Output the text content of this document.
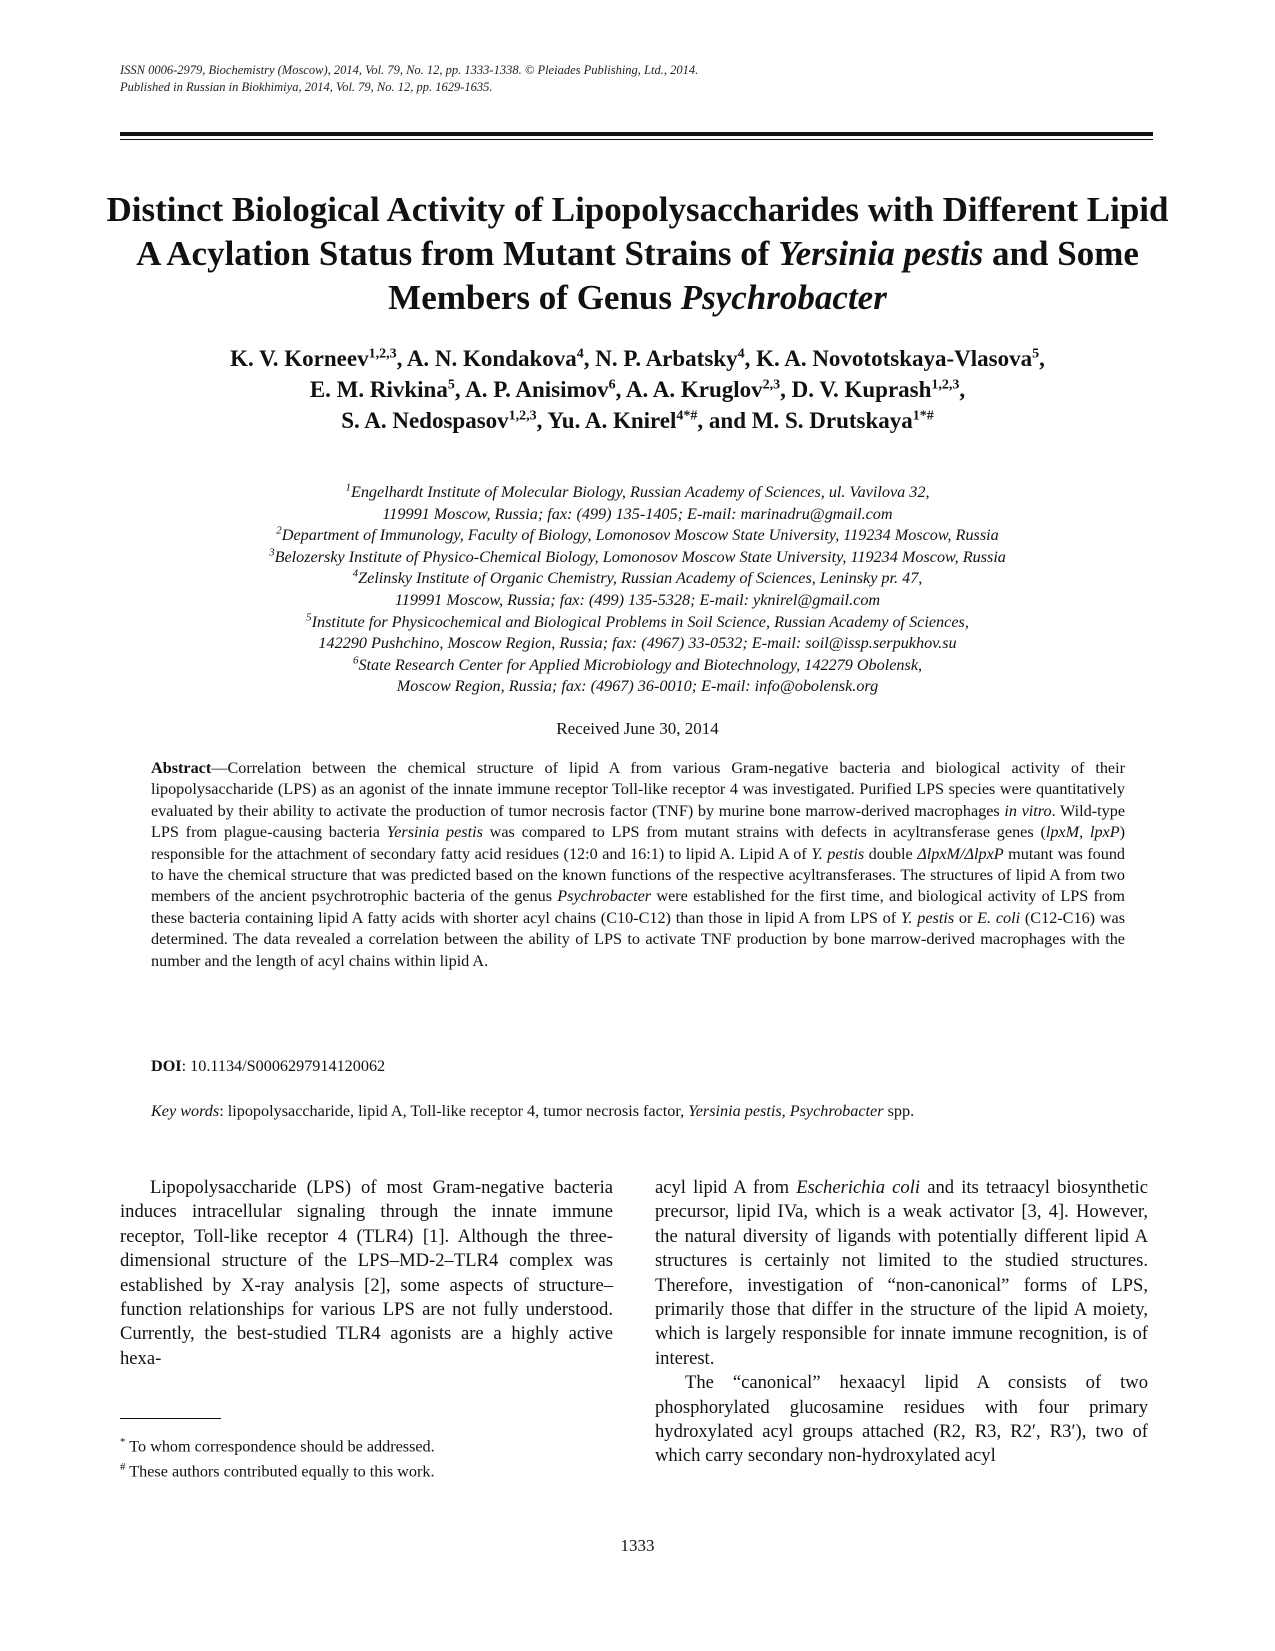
ISSN 0006-2979, Biochemistry (Moscow), 2014, Vol. 79, No. 12, pp. 1333-1338. © Pleiades Publishing, Ltd., 2014.
Published in Russian in Biokhimiya, 2014, Vol. 79, No. 12, pp. 1629-1635.
Distinct Biological Activity of Lipopolysaccharides with Different Lipid A Acylation Status from Mutant Strains of Yersinia pestis and Some Members of Genus Psychrobacter
K. V. Korneev$^{1,2,3}$, A. N. Kondakova$^4$, N. P. Arbatsky$^4$, K. A. Novototskaya-Vlasova$^5$,
E. M. Rivkina$^5$, A. P. Anisimov$^6$, A. A. Kruglov$^{2,3}$, D. V. Kuprash$^{1,2,3}$,
S. A. Nedospasov$^{1,2,3}$, Yu. A. Knirel$^{4*\#}$, and M. S. Drutskaya$^{1*\#}$
$^1$Engelhardt Institute of Molecular Biology, Russian Academy of Sciences, ul. Vavilova 32,
119991 Moscow, Russia; fax: (499) 135-1405; E-mail: marinadru@gmail.com
$^2$Department of Immunology, Faculty of Biology, Lomonosov Moscow State University, 119234 Moscow, Russia
$^3$Belozersky Institute of Physico-Chemical Biology, Lomonosov Moscow State University, 119234 Moscow, Russia
$^4$Zelinsky Institute of Organic Chemistry, Russian Academy of Sciences, Leninsky pr. 47,
119991 Moscow, Russia; fax: (499) 135-5328; E-mail: yknirel@gmail.com
$^5$Institute for Physicochemical and Biological Problems in Soil Science, Russian Academy of Sciences,
142290 Pushchino, Moscow Region, Russia; fax: (4967) 33-0532; E-mail: soil@issp.serpukhov.su
$^6$State Research Center for Applied Microbiology and Biotechnology, 142279 Obolensk,
Moscow Region, Russia; fax: (4967) 36-0010; E-mail: info@obolensk.org
Received June 30, 2014
Abstract—Correlation between the chemical structure of lipid A from various Gram-negative bacteria and biological activity of their lipopolysaccharide (LPS) as an agonist of the innate immune receptor Toll-like receptor 4 was investigated. Purified LPS species were quantitatively evaluated by their ability to activate the production of tumor necrosis factor (TNF) by murine bone marrow-derived macrophages in vitro. Wild-type LPS from plague-causing bacteria Yersinia pestis was compared to LPS from mutant strains with defects in acyltransferase genes (lpxM, lpxP) responsible for the attachment of secondary fatty acid residues (12:0 and 16:1) to lipid A. Lipid A of Y. pestis double ΔlpxM/ΔlpxP mutant was found to have the chemical structure that was predicted based on the known functions of the respective acyltransferases. The structures of lipid A from two members of the ancient psychrotrophic bacteria of the genus Psychrobacter were established for the first time, and biological activity of LPS from these bacteria containing lipid A fatty acids with shorter acyl chains (C10-C12) than those in lipid A from LPS of Y. pestis or E. coli (C12-C16) was determined. The data revealed a correlation between the ability of LPS to activate TNF production by bone marrow-derived macrophages with the number and the length of acyl chains within lipid A.
DOI: 10.1134/S0006297914120062
Key words: lipopolysaccharide, lipid A, Toll-like receptor 4, tumor necrosis factor, Yersinia pestis, Psychrobacter spp.

Lipopolysaccharide (LPS) of most Gram-negative bacteria induces intracellular signaling through the innate immune receptor, Toll-like receptor 4 (TLR4) [1]. Although the three-dimensional structure of the LPS–MD-2–TLR4 complex was established by X-ray analysis [2], some aspects of structure–function relationships for various LPS are not fully understood. Currently, the best-studied TLR4 agonists are a highly active hexa-

acyl lipid A from Escherichia coli and its tetraacyl biosynthetic precursor, lipid IVa, which is a weak activator [3, 4]. However, the natural diversity of ligands with potentially different lipid A structures is certainly not limited to the studied structures. Therefore, investigation of “non-canonical” forms of LPS, primarily those that differ in the structure of the lipid A moiety, which is largely responsible for innate immune recognition, is of interest.

The “canonical” hexaacyl lipid A consists of two phosphorylated glucosamine residues with four primary hydroxylated acyl groups attached (R2, R3, R2′, R3′), two of which carry secondary non-hydroxylated acyl

* To whom correspondence should be addressed.
# These authors contributed equally to this work.
1333
